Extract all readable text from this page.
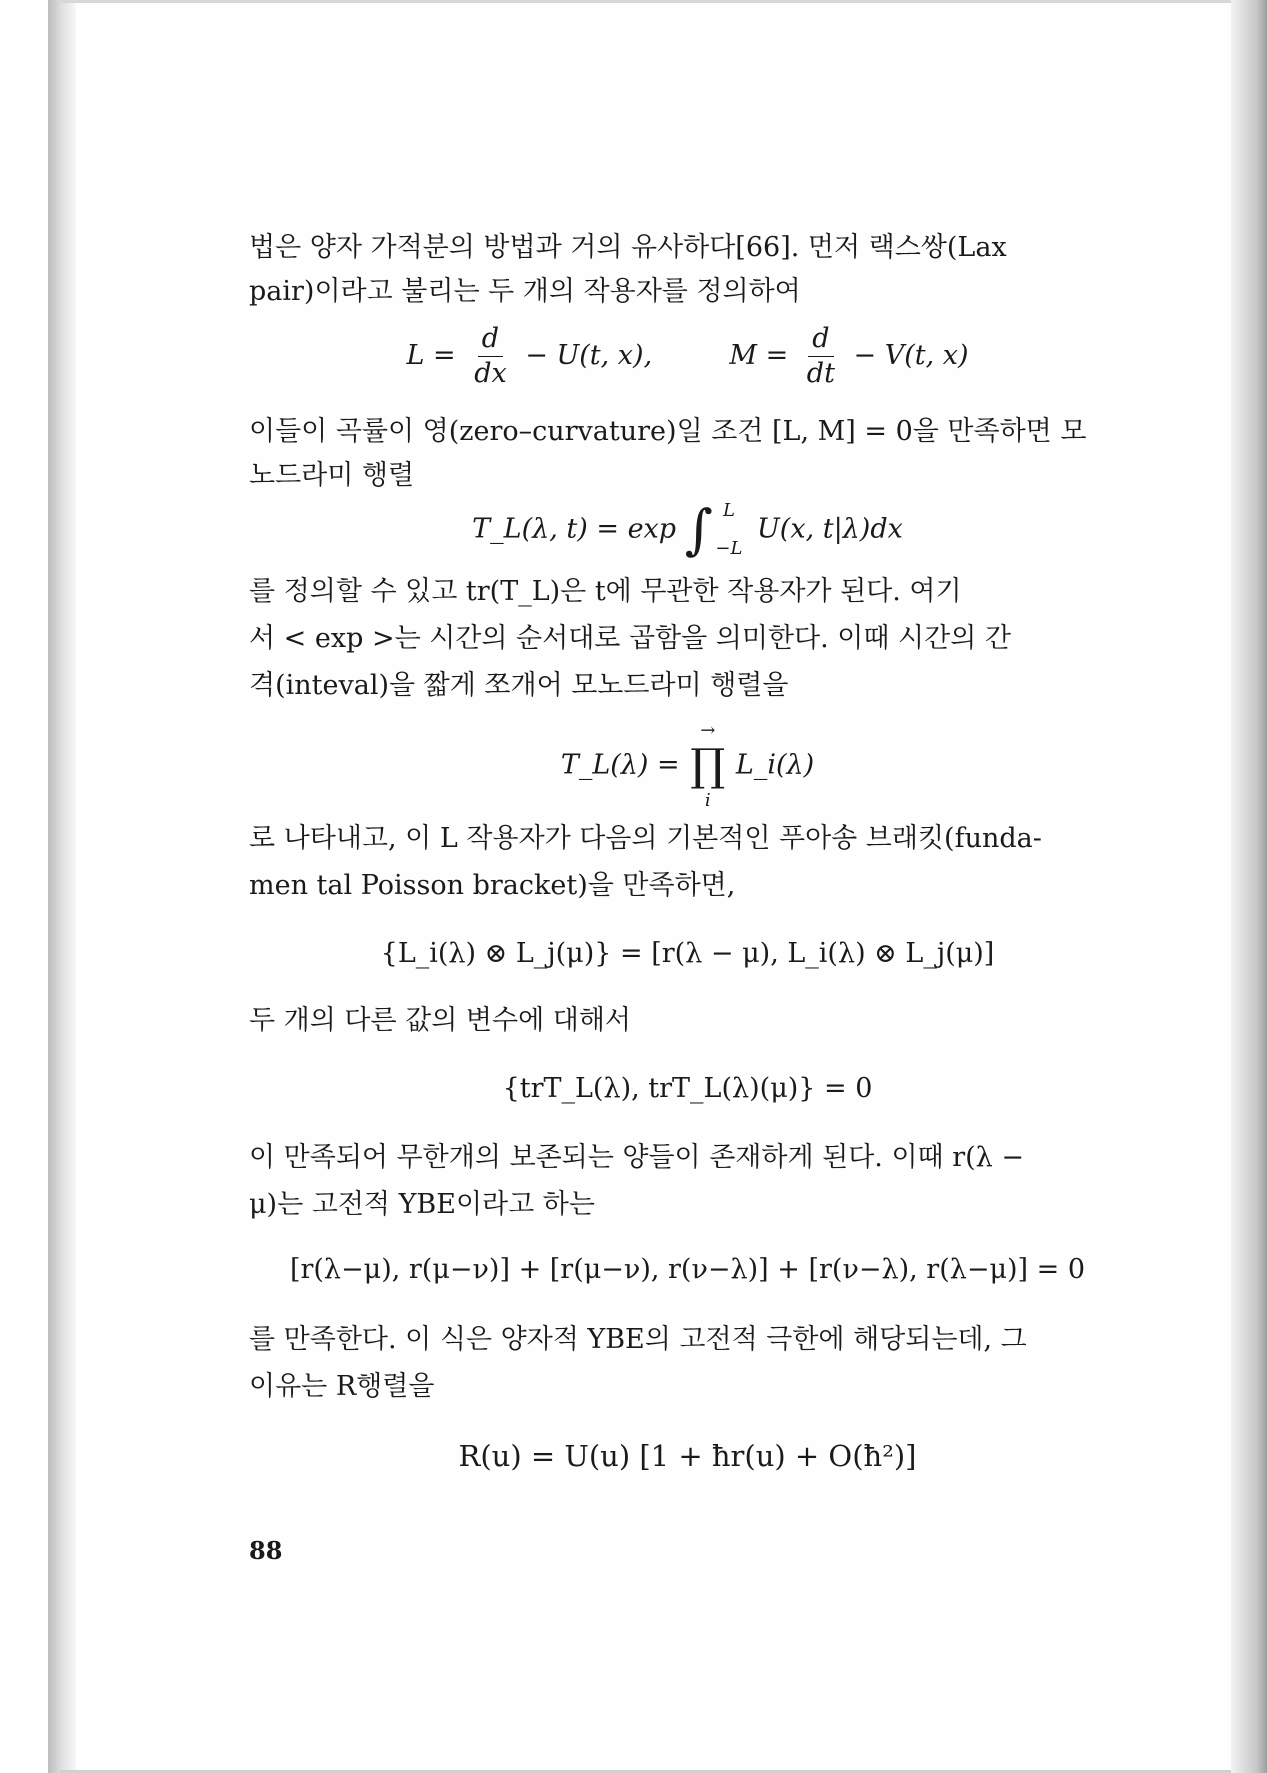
법은 양자 가적분의 방법과 거의 유사하다[66]. 먼저 랙스쌍(Lax
pair)이라고 불리는 두 개의 작용자를 정의하여
$L = \frac{d}{dx} - U(t$, x),	$M = \frac{d}{dt} - V(t$, x)
이들이 곡률이 영(zero–curvature)일 조건 [L, M] = 0을 만족하면 모
노드라미 행렬
T_L(λ, t) = exp ∫ L
−L
U(x, t|λ)dx
를 정의할 수 있고 tr(T_L)은 t에 무관한 작용자가 된다. 여기
서 < exp >는 시간의 순서대로 곱함을 의미한다. 이때 시간의 간
격(inteval)을 짧게 쪼개어 모노드라미 행렬을
T_L(λ) =
→
∏
i
L_i(λ)
로 나타내고, 이 L 작용자가 다음의 기본적인 푸아송 브래킷(funda-
men tal Poisson bracket)을 만족하면,
{L_i(λ) ⊗ L_j(μ)} = [r(λ − μ), L_i(λ) ⊗ L_j(μ)]
두 개의 다른 값의 변수에 대해서
{trT_L(λ), trT_L(λ)(μ)} = 0
이 만족되어 무한개의 보존되는 양들이 존재하게 된다. 이때 r(λ −
μ)는 고전적 YBE이라고 하는
[r(λ−μ), r(μ−ν)] + [r(μ−ν), r(ν−λ)] + [r(ν−λ), r(λ−μ)] = 0
를 만족한다. 이 식은 양자적 YBE의 고전적 극한에 해당되는데, 그
이유는 R행렬을
R(u) = U(u) [1 + ħr(u) + O(ħ²)]
88
